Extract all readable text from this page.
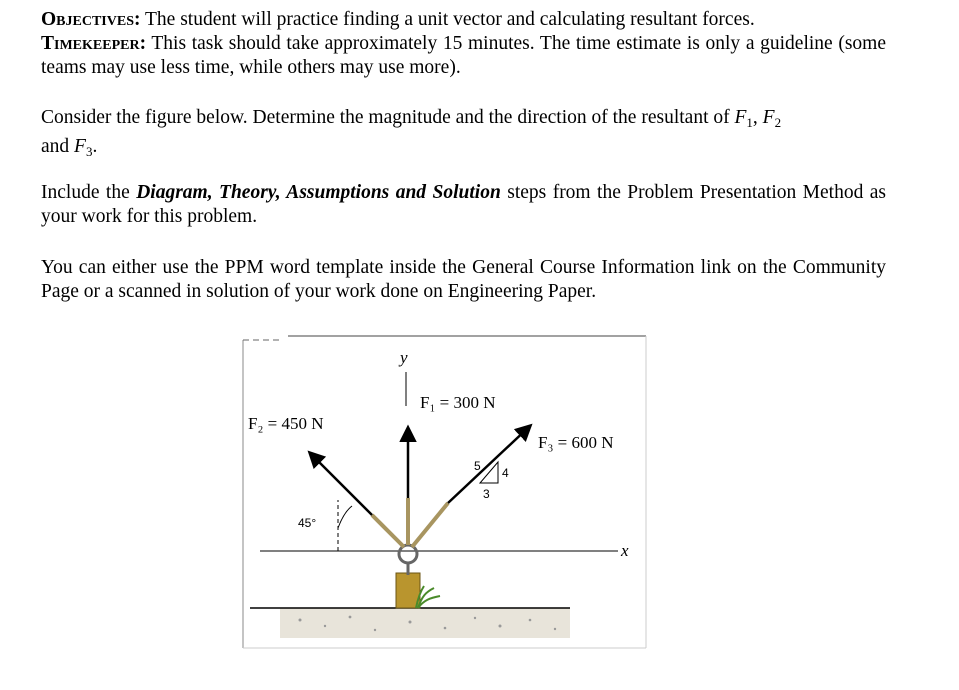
Objectives: The student will practice finding a unit vector and calculating resultant forces.

Timekeeper: This task should take approximately 15 minutes. The time estimate is only a guideline (some teams may use less time, while others may use more).

Consider the figure below. Determine the magnitude and the direction of the resultant of $F_1$, $F_2$
and $F_3$.

Include the Diagram, Theory, Assumptions and Solution steps from the Problem Presentation Method as your work for this problem.

You can either use the PPM word template inside the General Course Information link on the Community Page or a scanned in solution of your work done on Engineering Paper.

x
y
45°
5 4
3
F₁ = 300 N
F₂ = 450 N
F₃ = 600 N
